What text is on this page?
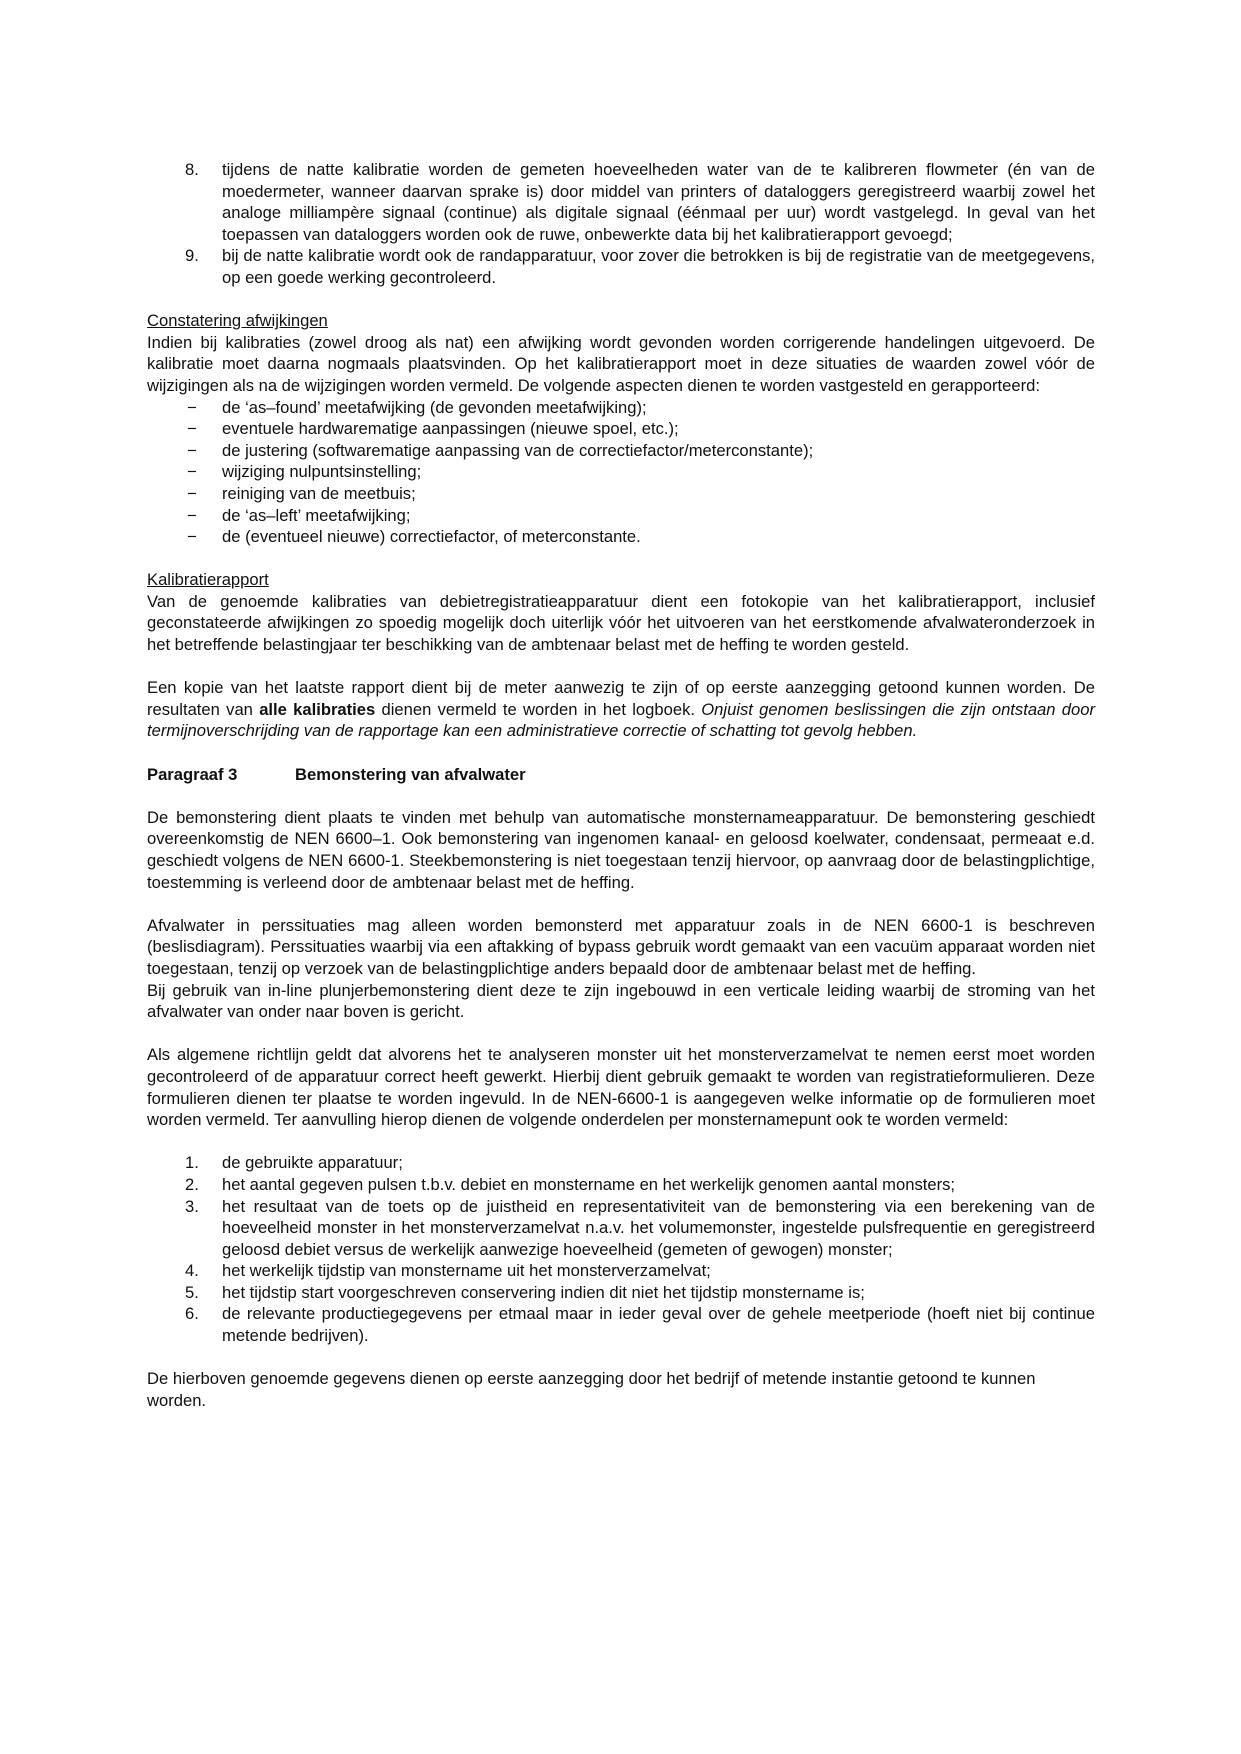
8. tijdens de natte kalibratie worden de gemeten hoeveelheden water van de te kalibreren flowmeter (én van de moedermeter, wanneer daarvan sprake is) door middel van printers of dataloggers geregistreerd waarbij zowel het analoge milliampère signaal (continue) als digitale signaal (éénmaal per uur) wordt vastgelegd. In geval van het toepassen van dataloggers worden ook de ruwe, onbewerkte data bij het kalibratierapport gevoegd;
9. bij de natte kalibratie wordt ook de randapparatuur, voor zover die betrokken is bij de registratie van de meetgegevens, op een goede werking gecontroleerd.

Constatering afwijkingen

Indien bij kalibraties (zowel droog als nat) een afwijking wordt gevonden worden corrigerende handelingen uitgevoerd. De kalibratie moet daarna nogmaals plaatsvinden. Op het kalibratierapport moet in deze situaties de waarden zowel vóór de wijzigingen als na de wijzigingen worden vermeld. De volgende aspecten dienen te worden vastgesteld en gerapporteerd:

− de ‘as–found’ meetafwijking (de gevonden meetafwijking);
− eventuele hardwarematige aanpassingen (nieuwe spoel, etc.);
− de justering (softwarematige aanpassing van de correctiefactor/meterconstante);
− wijziging nulpuntsinstelling;
− reiniging van de meetbuis;
− de ‘as–left’ meetafwijking;
− de (eventueel nieuwe) correctiefactor, of meterconstante.

Kalibratierapport

Van de genoemde kalibraties van debietregistratieapparatuur dient een fotokopie van het kalibratierapport, inclusief geconstateerde afwijkingen zo spoedig mogelijk doch uiterlijk vóór het uitvoeren van het eerstkomende afvalwateronderzoek in het betreffende belastingjaar ter beschikking van de ambtenaar belast met de heffing te worden gesteld.

Een kopie van het laatste rapport dient bij de meter aanwezig te zijn of op eerste aanzegging getoond kunnen worden. De resultaten van alle kalibraties dienen vermeld te worden in het logboek. Onjuist genomen beslissingen die zijn ontstaan door termijnoverschrijding van de rapportage kan een administratieve correctie of schatting tot gevolg hebben.

Paragraaf 3	Bemonstering van afvalwater

De bemonstering dient plaats te vinden met behulp van automatische monsternameapparatuur. De bemonstering geschiedt overeenkomstig de NEN 6600–1. Ook bemonstering van ingenomen kanaal- en geloosd koelwater, condensaat, permeaat e.d. geschiedt volgens de NEN 6600-1. Steekbemonstering is niet toegestaan tenzij hiervoor, op aanvraag door de belastingplichtige, toestemming is verleend door de ambtenaar belast met de heffing.

Afvalwater in perssituaties mag alleen worden bemonsterd met apparatuur zoals in de NEN 6600-1 is beschreven (beslisdiagram). Perssituaties waarbij via een aftakking of bypass gebruik wordt gemaakt van een vacuüm apparaat worden niet toegestaan, tenzij op verzoek van de belastingplichtige anders bepaald door de ambtenaar belast met de heffing.

Bij gebruik van in-line plunjerbemonstering dient deze te zijn ingebouwd in een verticale leiding waarbij de stroming van het afvalwater van onder naar boven is gericht.

Als algemene richtlijn geldt dat alvorens het te analyseren monster uit het monsterverzamelvat te nemen eerst moet worden gecontroleerd of de apparatuur correct heeft gewerkt. Hierbij dient gebruik gemaakt te worden van registratieformulieren. Deze formulieren dienen ter plaatse te worden ingevuld. In de NEN-6600-1 is aangegeven welke informatie op de formulieren moet worden vermeld. Ter aanvulling hierop dienen de volgende onderdelen per monsternamepunt ook te worden vermeld:

1. de gebruikte apparatuur;
2. het aantal gegeven pulsen t.b.v. debiet en monstername en het werkelijk genomen aantal monsters;
3. het resultaat van de toets op de juistheid en representativiteit van de bemonstering via een berekening van de hoeveelheid monster in het monsterverzamelvat n.a.v. het volumemonster, ingestelde pulsfrequentie en geregistreerd geloosd debiet versus de werkelijk aanwezige hoeveelheid (gemeten of gewogen) monster;
4. het werkelijk tijdstip van monstername uit het monsterverzamelvat;
5. het tijdstip start voorgeschreven conservering indien dit niet het tijdstip monstername is;
6. de relevante productiegegevens per etmaal maar in ieder geval over de gehele meetperiode (hoeft niet bij continue metende bedrijven).

De hierboven genoemde gegevens dienen op eerste aanzegging door het bedrijf of metende instantie getoond te kunnen worden.
